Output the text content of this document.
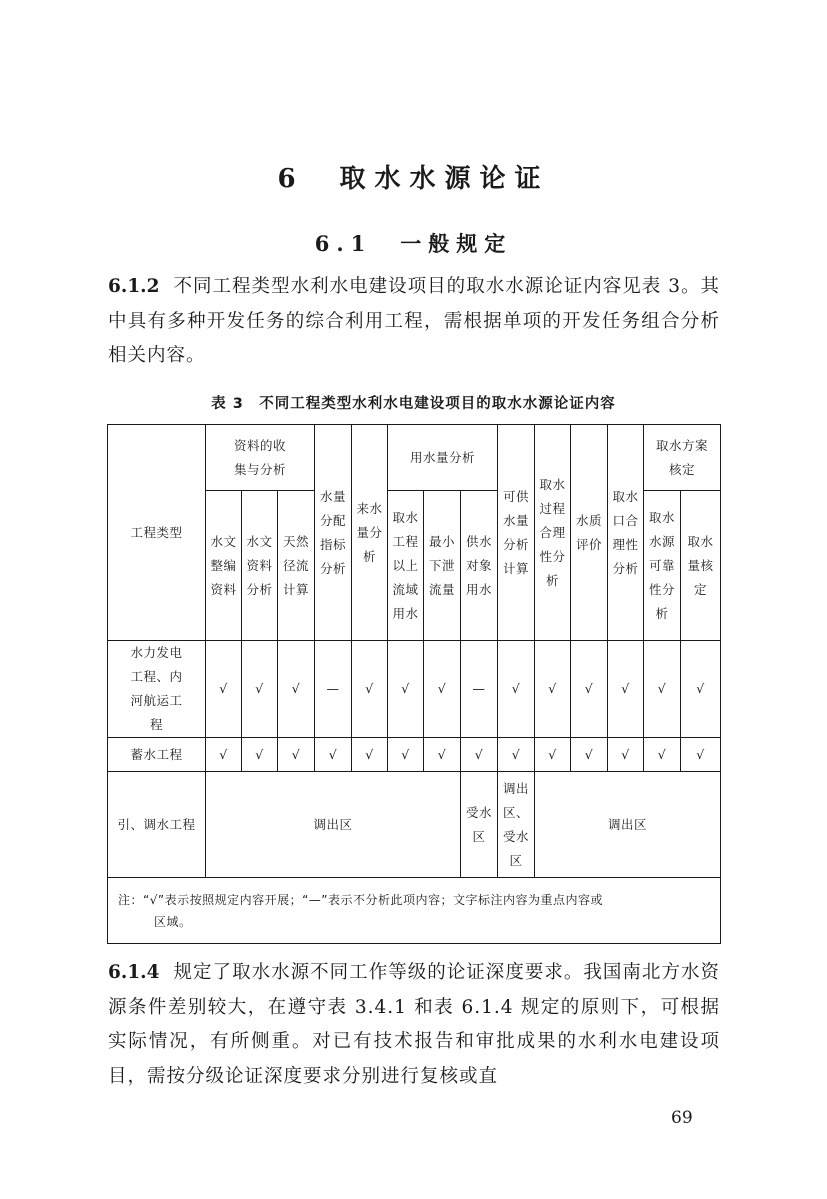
6　取水水源论证
6.1　一般规定
6.1.2 不同工程类型水利水电建设项目的取水水源论证内容见表 3。其中具有多种开发任务的综合利用工程，需根据单项的开发任务组合分析相关内容。
表 3　不同工程类型水利水电建设项目的取水水源论证内容
工程类型	资料的收集与分析			水量分配指标分析	来水量分析	用水量分析			可供水量分析计算	取水过程合理性分析	水质评价	取水口合理性分析	取水方案核定	

	水文整编资料	水文资料分析	天然径流计算			取水工程以上流域用水	最小下泄流量	供水对象用水					取水水源可靠性分析	取水量核定

水力发电工程、内河航运工程	√	√	√	—	√	√	√	—	√	√	√	√	√	√
蓄水工程	√	√	√	√	√	√	√	√	√	√	√	√	√	√
引、调水工程	调出区							受水区	调出区、受水区	调出区				
注：“√”表示按照规定内容开展；“—”表示不分析此项内容；文字标注内容为重点内容或
区域。														
6.1.4 规定了取水水源不同工作等级的论证深度要求。我国南北方水资源条件差别较大，在遵守表 3.4.1 和表 6.1.4 规定的原则下，可根据实际情况，有所侧重。对已有技术报告和审批成果的水利水电建设项目，需按分级论证深度要求分别进行复核或直
69
